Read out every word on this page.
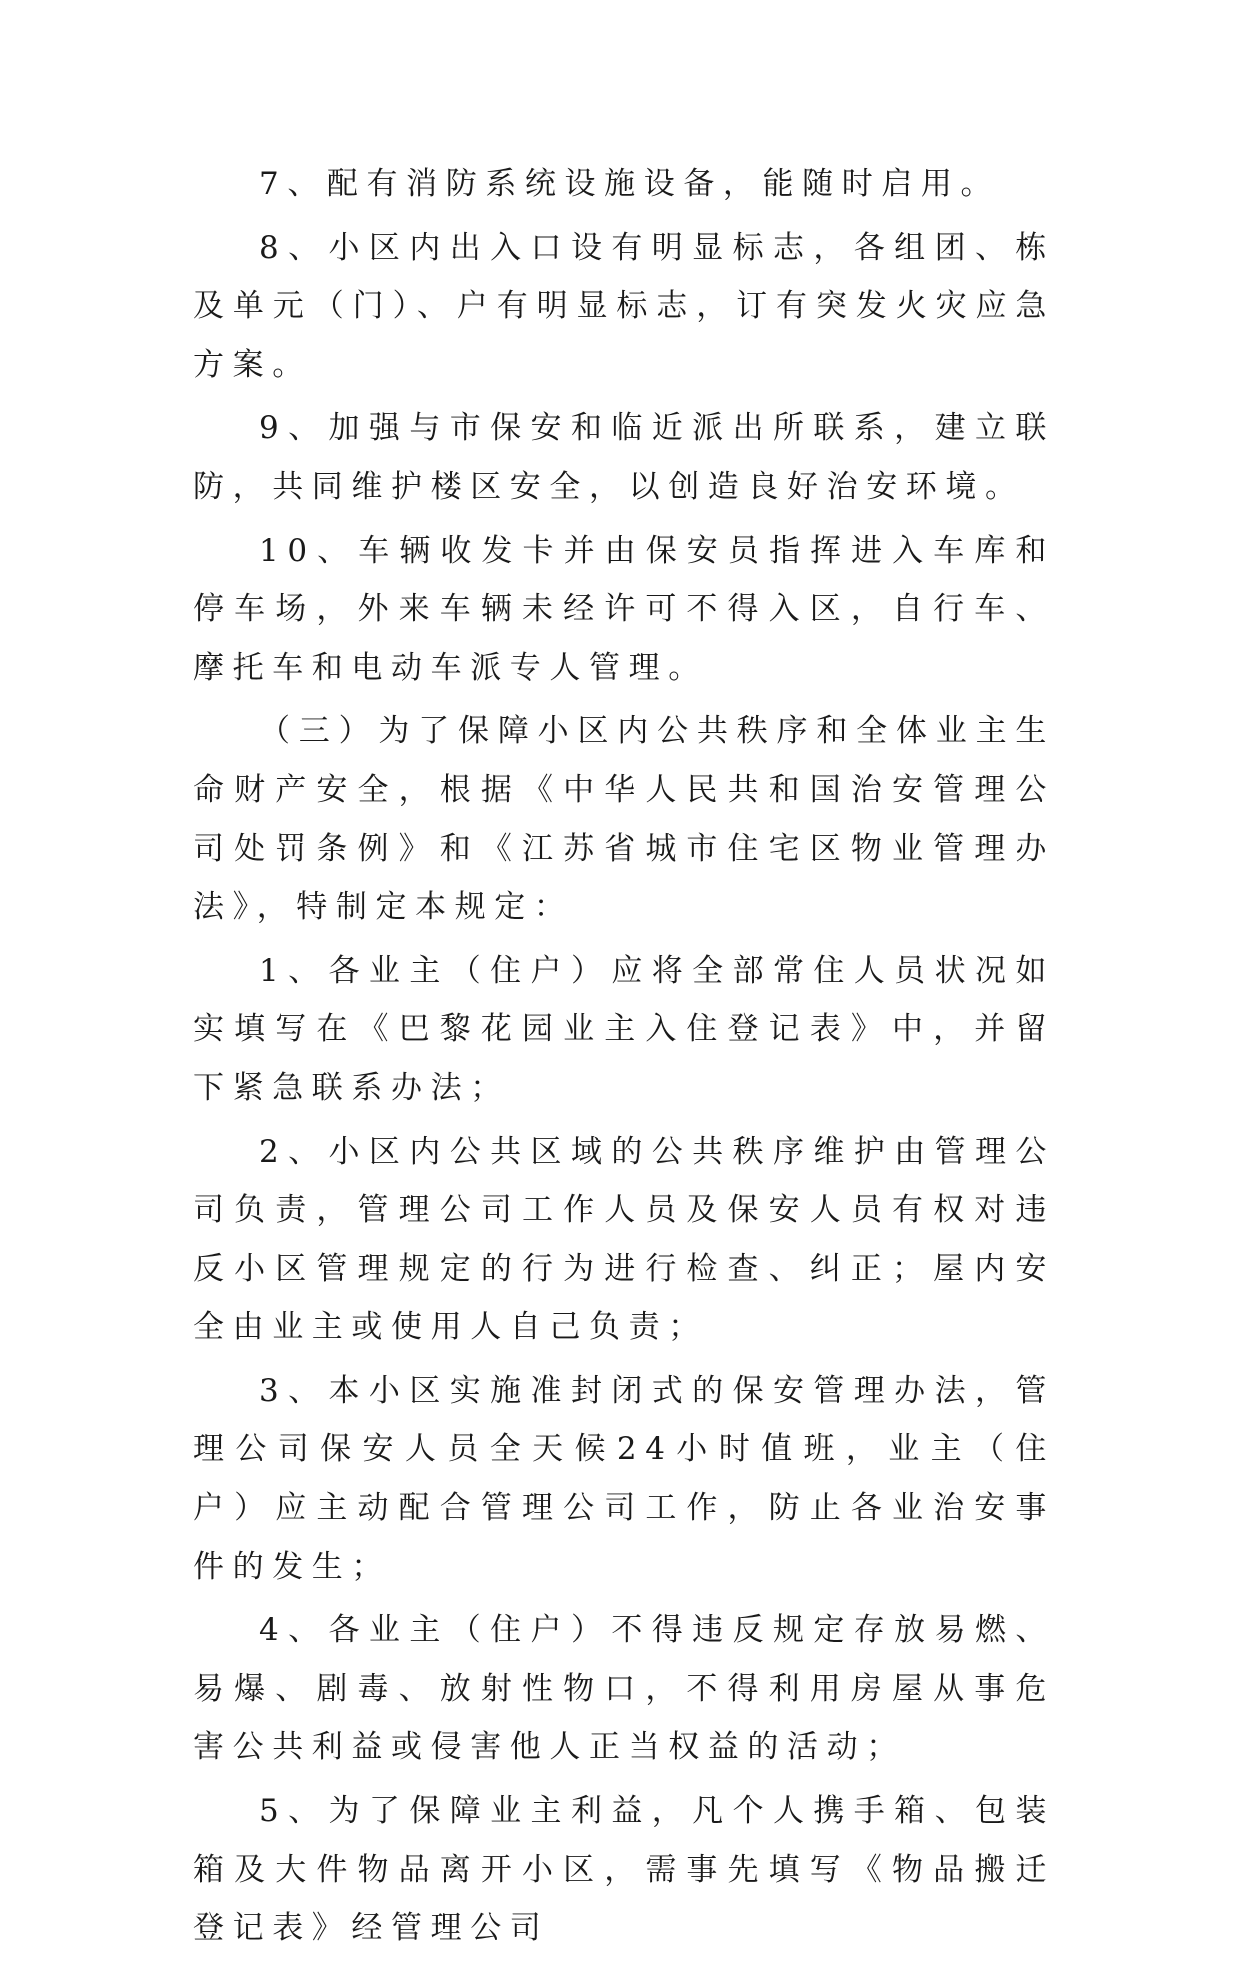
7、配有消防系统设施设备，能随时启用。

8、小区内出入口设有明显标志，各组团、栋及单元（门）、户有明显标志，订有突发火灾应急方案。

9、加强与市保安和临近派出所联系，建立联防，共同维护楼区安全，以创造良好治安环境。

10、车辆收发卡并由保安员指挥进入车库和停车场，外来车辆未经许可不得入区，自行车、摩托车和电动车派专人管理。

（三）为了保障小区内公共秩序和全体业主生命财产安全，根据《中华人民共和国治安管理公司处罚条例》和《江苏省城市住宅区物业管理办法》，特制定本规定：

1、各业主（住户）应将全部常住人员状况如实填写在《巴黎花园业主入住登记表》中，并留下紧急联系办法；

2、小区内公共区域的公共秩序维护由管理公司负责，管理公司工作人员及保安人员有权对违反小区管理规定的行为进行检查、纠正；屋内安全由业主或使用人自己负责；

3、本小区实施准封闭式的保安管理办法，管理公司保安人员全天候24小时值班，业主（住户）应主动配合管理公司工作，防止各业治安事件的发生；

4、各业主（住户）不得违反规定存放易燃、易爆、剧毒、放射性物口，不得利用房屋从事危害公共利益或侵害他人正当权益的活动；

5、为了保障业主利益，凡个人携手箱、包装箱及大件物品离开小区，需事先填写《物品搬迁登记表》经管理公司
